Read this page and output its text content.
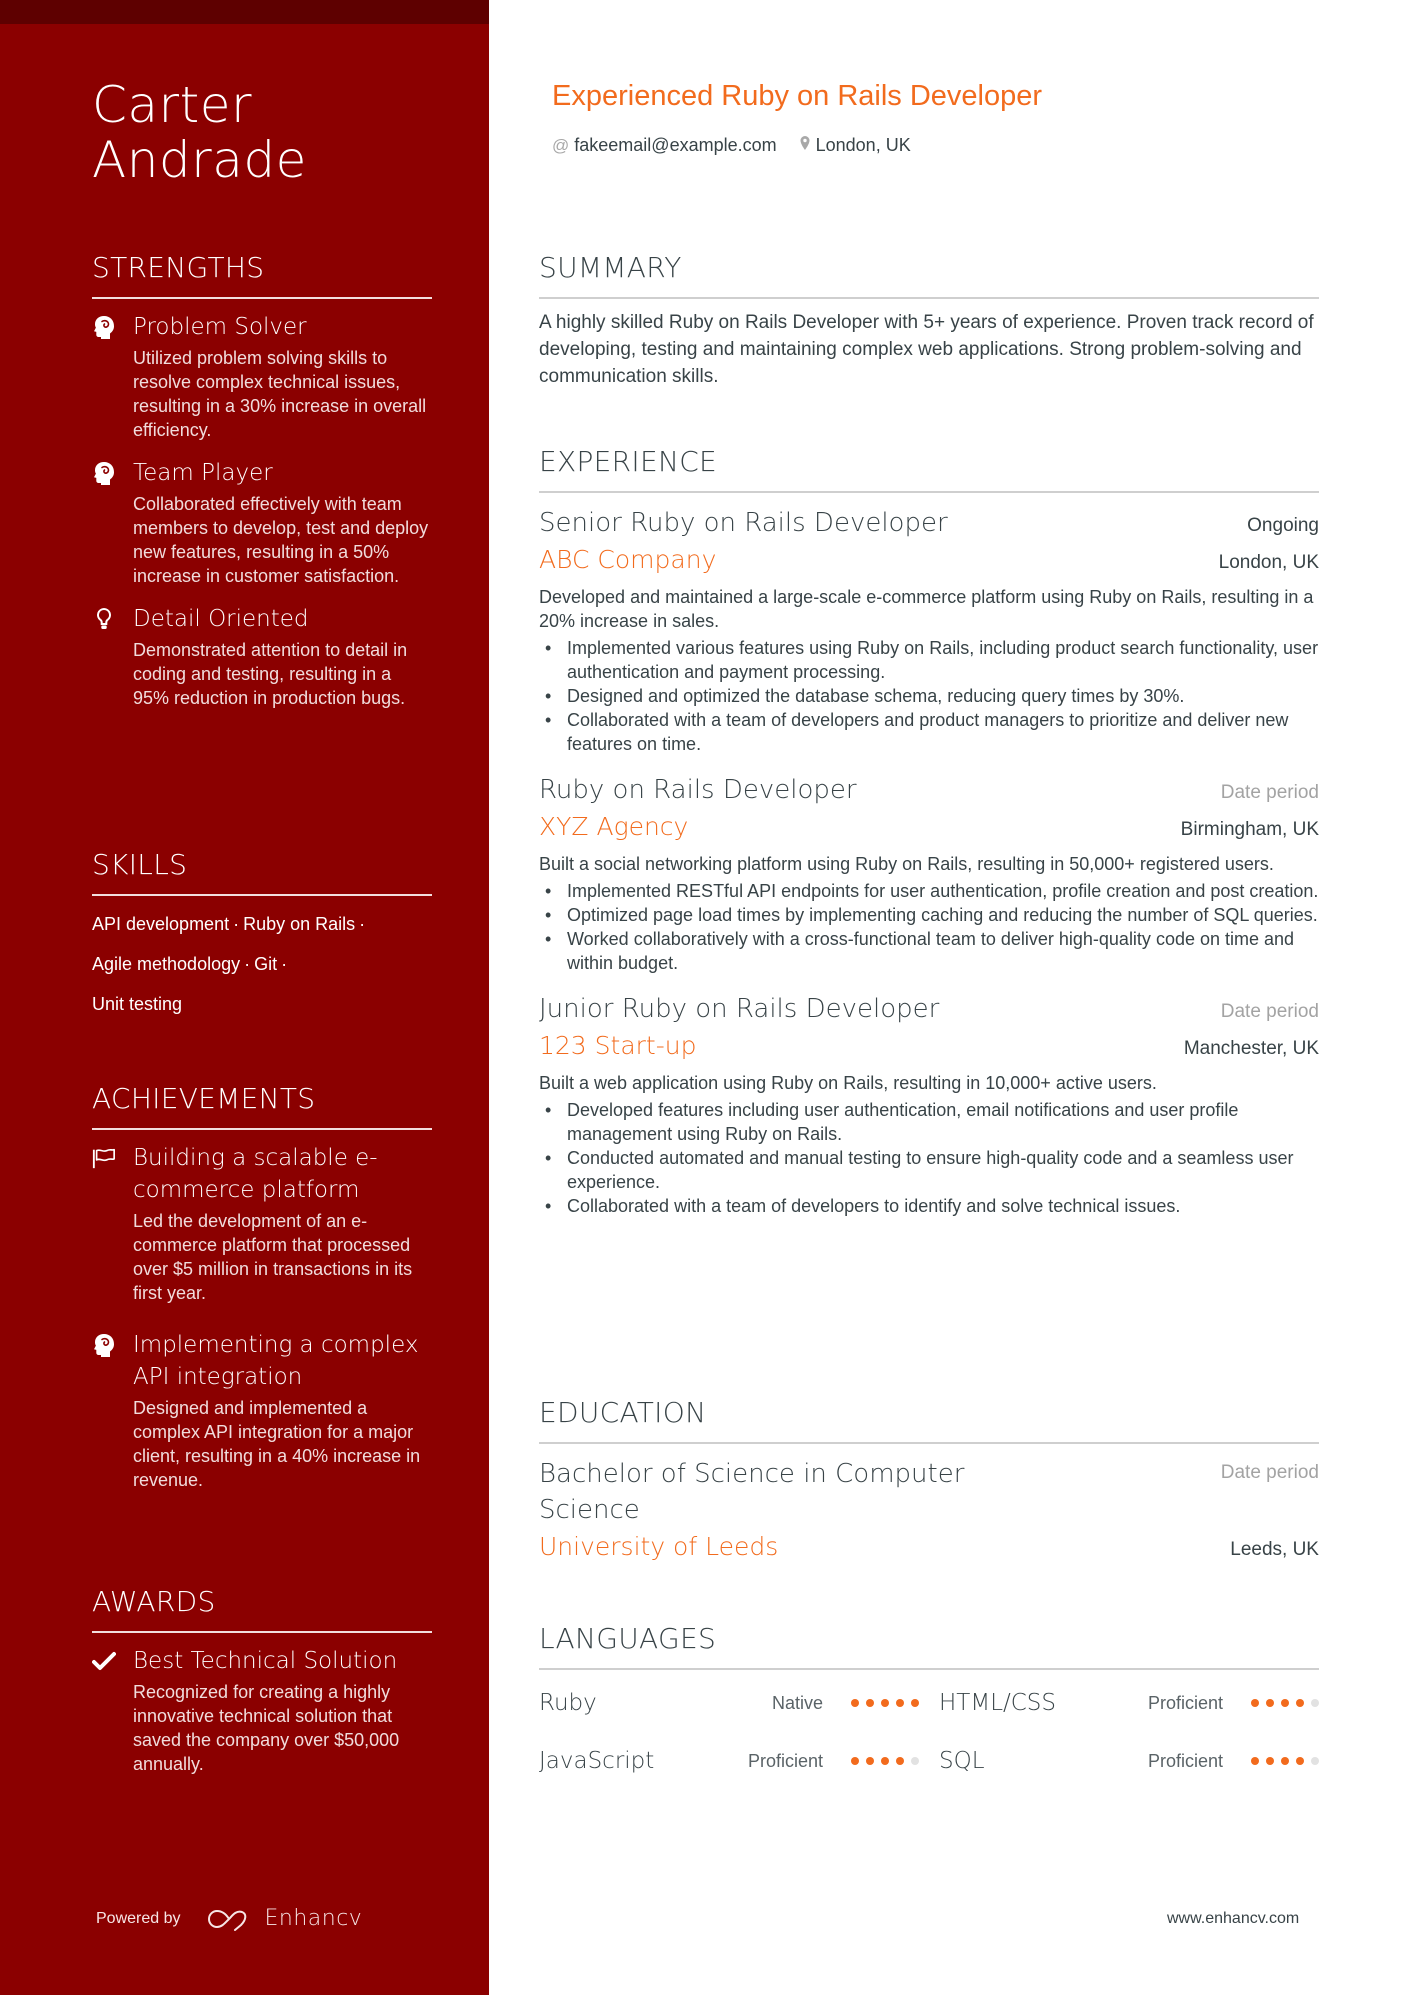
Carter
Andrade
STRENGTHS
Problem Solver
Utilized problem solving skills to resolve complex technical issues, resulting in a 30% increase in overall efficiency.
Team Player
Collaborated effectively with team members to develop, test and deploy new features, resulting in a 50% increase in customer satisfaction.
Detail Oriented
Demonstrated attention to detail in coding and testing, resulting in a 95% reduction in production bugs.
SKILLS
API development · Ruby on Rails ·
Agile methodology · Git ·
Unit testing
ACHIEVEMENTS
Building a scalable e-commerce platform
Led the development of an e-commerce platform that processed over $5 million in transactions in its first year.
Implementing a complex API integration
Designed and implemented a complex API integration for a major client, resulting in a 40% increase in revenue.
AWARDS
Best Technical Solution
Recognized for creating a highly innovative technical solution that saved the company over $50,000 annually.
Powered by	Enhancv
Experienced Ruby on Rails Developer
@ fakeemail@example.com London, UK
SUMMARY
A highly skilled Ruby on Rails Developer with 5+ years of experience. Proven track record of developing, testing and maintaining complex web applications. Strong problem-solving and communication skills.
EXPERIENCE
Senior Ruby on Rails Developer	Ongoing
ABC Company	London, UK
Developed and maintained a large-scale e-commerce platform using Ruby on Rails, resulting in a 20% increase in sales.
• Implemented various features using Ruby on Rails, including product search functionality, user authentication and payment processing.
• Designed and optimized the database schema, reducing query times by 30%.
• Collaborated with a team of developers and product managers to prioritize and deliver new features on time.
Ruby on Rails Developer	Date period
XYZ Agency	Birmingham, UK
Built a social networking platform using Ruby on Rails, resulting in 50,000+ registered users.
• Implemented RESTful API endpoints for user authentication, profile creation and post creation.
• Optimized page load times by implementing caching and reducing the number of SQL queries.
• Worked collaboratively with a cross-functional team to deliver high-quality code on time and within budget.
Junior Ruby on Rails Developer	Date period
123 Start-up	Manchester, UK
Built a web application using Ruby on Rails, resulting in 10,000+ active users.
• Developed features including user authentication, email notifications and user profile management using Ruby on Rails.
• Conducted automated and manual testing to ensure high-quality code and a seamless user experience.
• Collaborated with a team of developers to identify and solve technical issues.
EDUCATION
Bachelor of Science in Computer Science
Date period
University of Leeds	Leeds, UK
LANGUAGES
Ruby	Native	HTML/CSS	Proficient
JavaScript	Proficient	SQL	Proficient
www.enhancv.com
